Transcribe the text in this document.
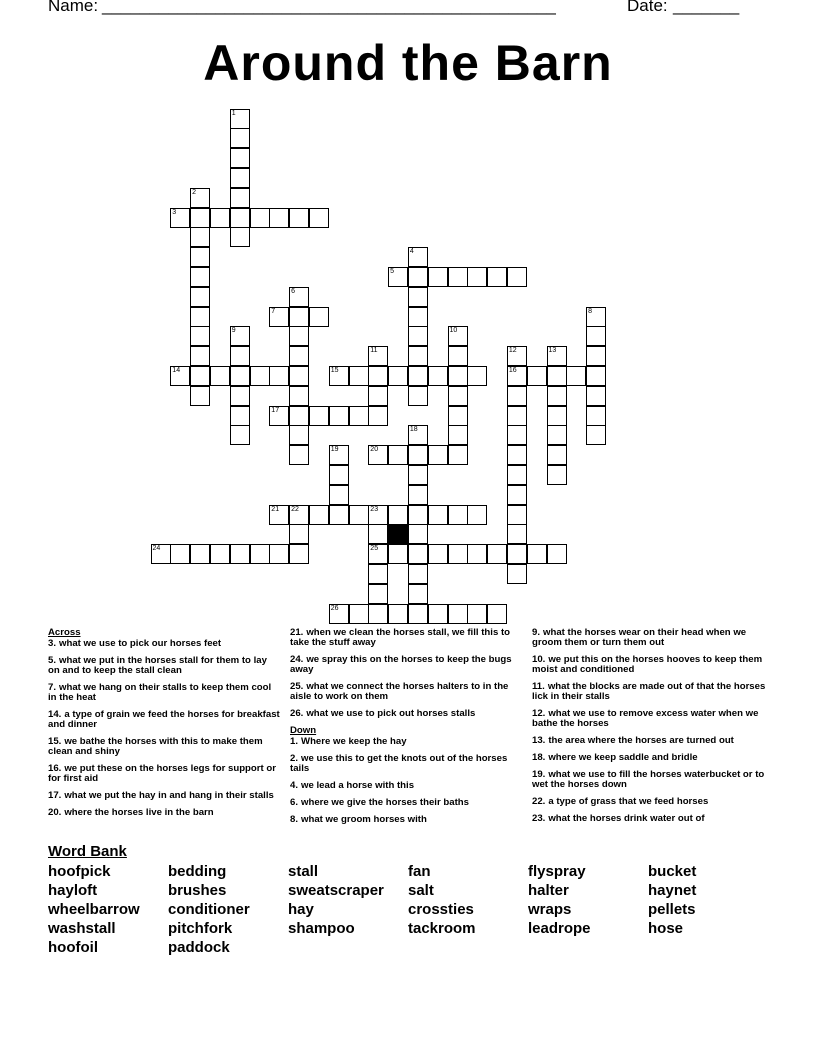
Name: ________________________________________________	Date: _______
Around the Barn
1
2
3
4
5
6
7	8
9	10
11	12
16
13
14	15
17
18
19	20
21 22	23
25
24
26
Across
3. what we use to pick our horses feet
5. what we put in the horses stall for them to lay on and to keep the stall clean
7. what we hang on their stalls to keep them cool in the heat
14. a type of grain we feed the horses for breakfast and dinner
15. we bathe the horses with this to make them clean and shiny
16. we put these on the horses legs for support or for first aid
17. what we put the hay in and hang in their stalls
20. where the horses live in the barn
21. when we clean the horses stall, we fill this to take the stuff away
24. we spray this on the horses to keep the bugs away
25. what we connect the horses halters to in the aisle to work on them
26. what we use to pick out horses stalls
Down
1. Where we keep the hay
2. we use this to get the knots out of the horses tails
4. we lead a horse with this
6. where we give the horses their baths
8. what we groom horses with
9. what the horses wear on their head when we groom them or turn them out
10. we put this on the horses hooves to keep them moist and conditioned
11. what the blocks are made out of that the horses lick in their stalls
12. what we use to remove excess water when we bathe the horses
13. the area where the horses are turned out
18. where we keep saddle and bridle
19. what we use to fill the horses waterbucket or to wet the horses down
22. a type of grass that we feed horses
23. what the horses drink water out of
Word Bank
hoofpick	bedding	stall	fan	flyspray	bucket
hayloft	brushes	sweatscraper	salt	halter	haynet
wheelbarrow	conditioner	hay	crossties	wraps	pellets
washstall	pitchfork	shampoo	tackroom	leadrope	hose
hoofoil	paddock
